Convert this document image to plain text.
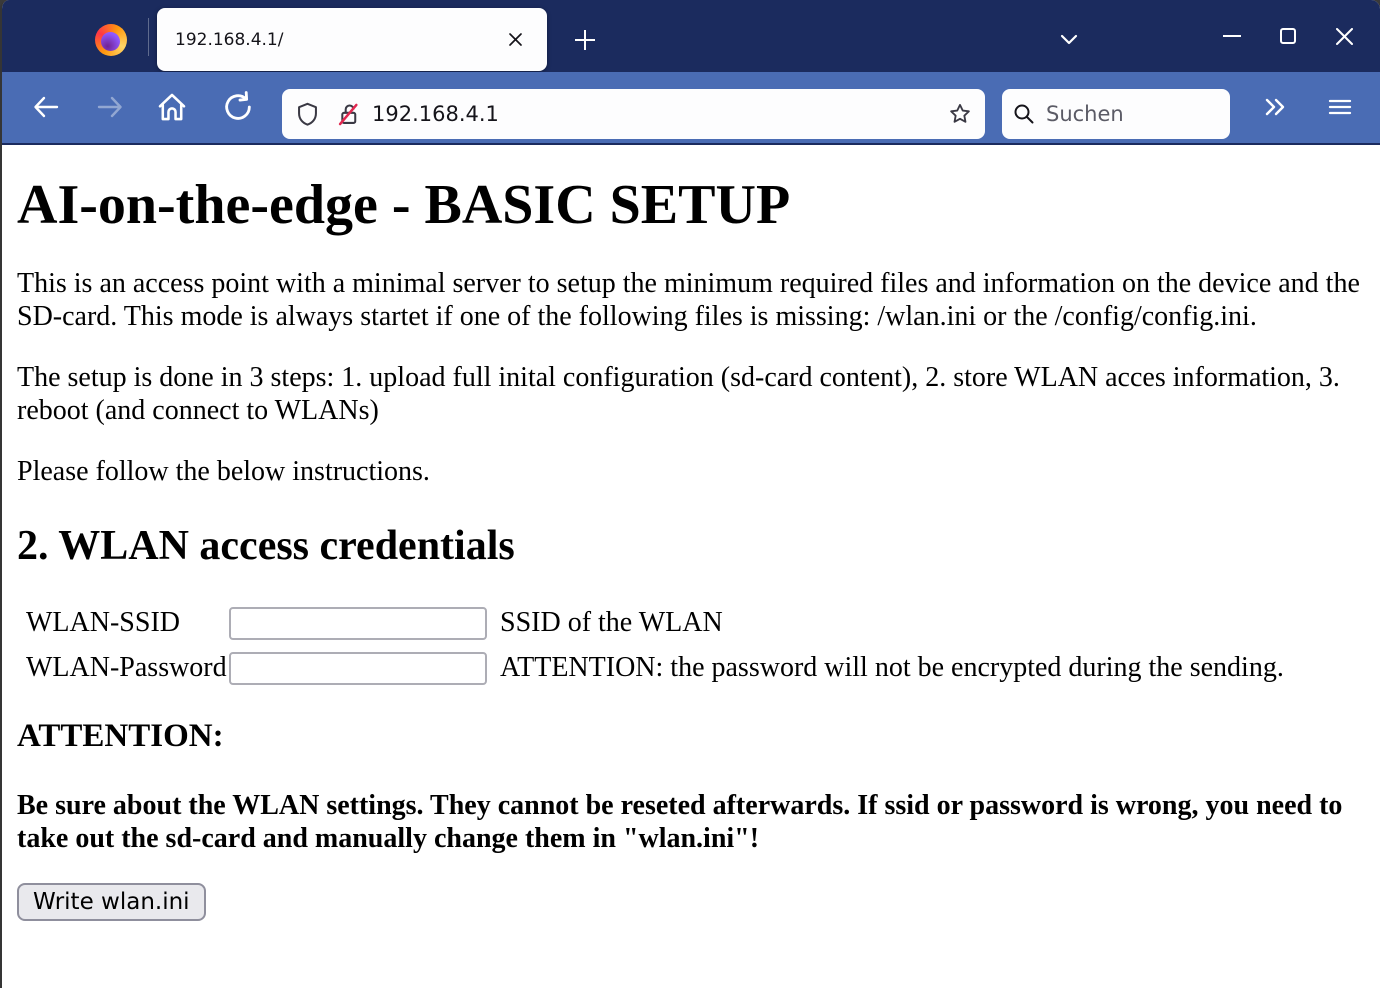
192.168.4.1/
192.168.4.1
Suchen
AI-on-the-edge - BASIC SETUP

This is an access point with a minimal server to setup the minimum required files and information on the device and the SD-card. This mode is always startet if one of the following files is missing: /wlan.ini or the /config/config.ini.

The setup is done in 3 steps: 1. upload full inital configuration (sd-card content), 2. store WLAN acces information, 3. reboot (and connect to WLANs)

Please follow the below instructions.

2. WLAN access credentials
WLAN-SSID	SSID of the WLAN
WLAN-Password	ATTENTION: the password will not be encrypted during the sending.
ATTENTION:

Be sure about the WLAN settings. They cannot be reseted afterwards. If ssid or password is wrong, you need to take out the sd-card and manually change them in "wlan.ini"!

Write wlan.ini
